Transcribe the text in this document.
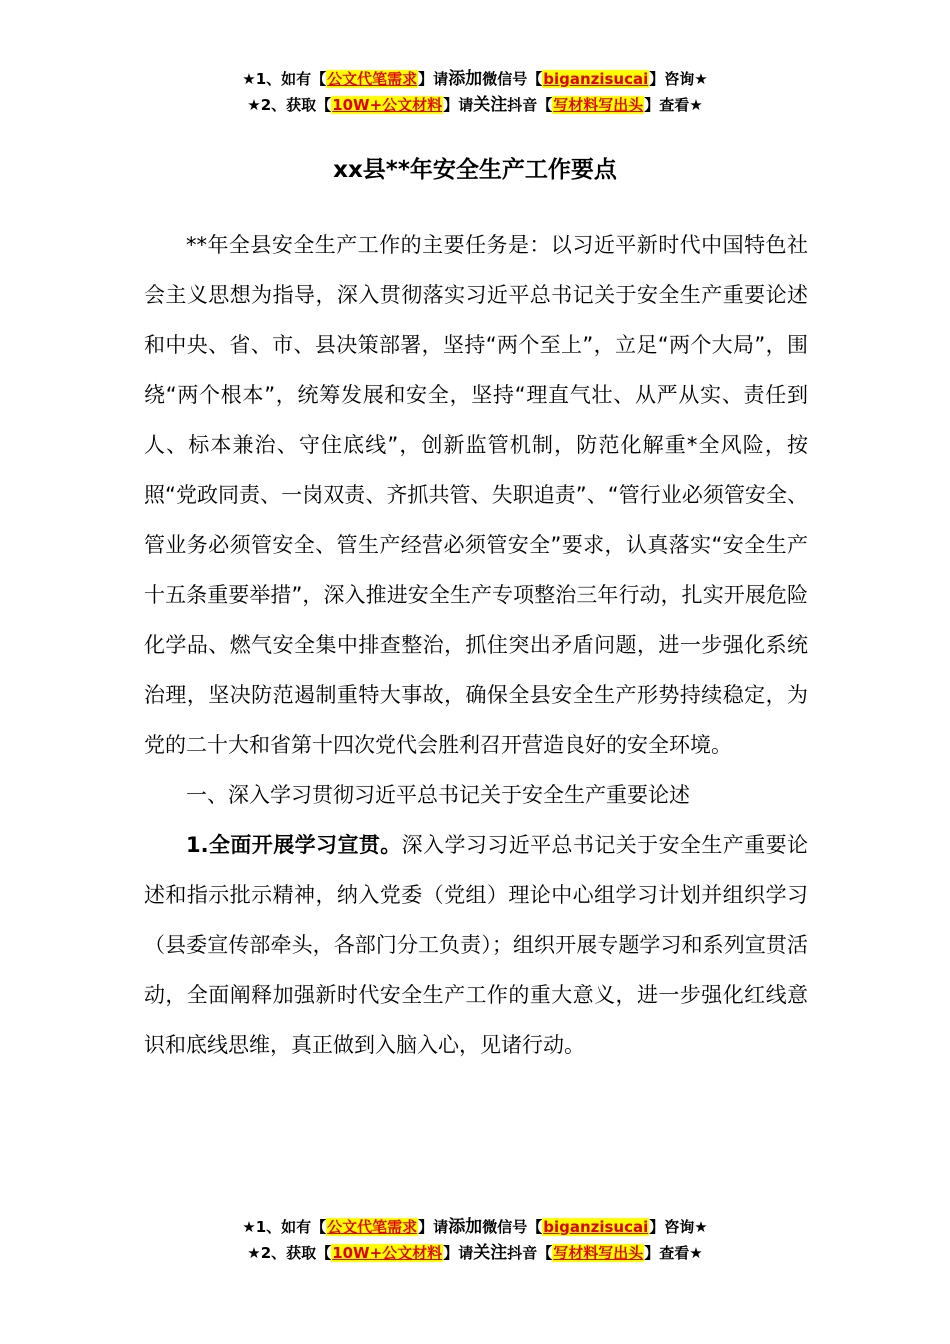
★1、如有【公文代笔需求】请添加微信号【biganzisucai】咨询★
★2、获取【10W+公文材料】请关注抖音【写材料写出头】查看★
xx县**年安全生产工作要点

**年全县安全生产工作的主要任务是：以习近平新时代中国特色社会主义思想为指导，深入贯彻落实习近平总书记关于安全生产重要论述和中央、省、市、县决策部署，坚持“两个至上”，立足“两个大局”，围绕“两个根本”，统筹发展和安全，坚持“理直气壮、从严从实、责任到人、标本兼治、守住底线”，创新监管机制，防范化解重*全风险，按照“党政同责、一岗双责、齐抓共管、失职追责”、“管行业必须管安全、管业务必须管安全、管生产经营必须管安全”要求，认真落实“安全生产十五条重要举措”，深入推进安全生产专项整治三年行动，扎实开展危险化学品、燃气安全集中排查整治，抓住突出矛盾问题，进一步强化系统治理，坚决防范遏制重特大事故，确保全县安全生产形势持续稳定，为党的二十大和省第十四次党代会胜利召开营造良好的安全环境。

一、深入学习贯彻习近平总书记关于安全生产重要论述

1.全面开展学习宣贯。深入学习习近平总书记关于安全生产重要论述和指示批示精神，纳入党委（党组）理论中心组学习计划并组织学习（县委宣传部牵头，各部门分工负责）；组织开展专题学习和系列宣贯活动，全面阐释加强新时代安全生产工作的重大意义，进一步强化红线意识和底线思维，真正做到入脑入心，见诸行动。

★1、如有【公文代笔需求】请添加微信号【biganzisucai】咨询★
★2、获取【10W+公文材料】请关注抖音【写材料写出头】查看★
